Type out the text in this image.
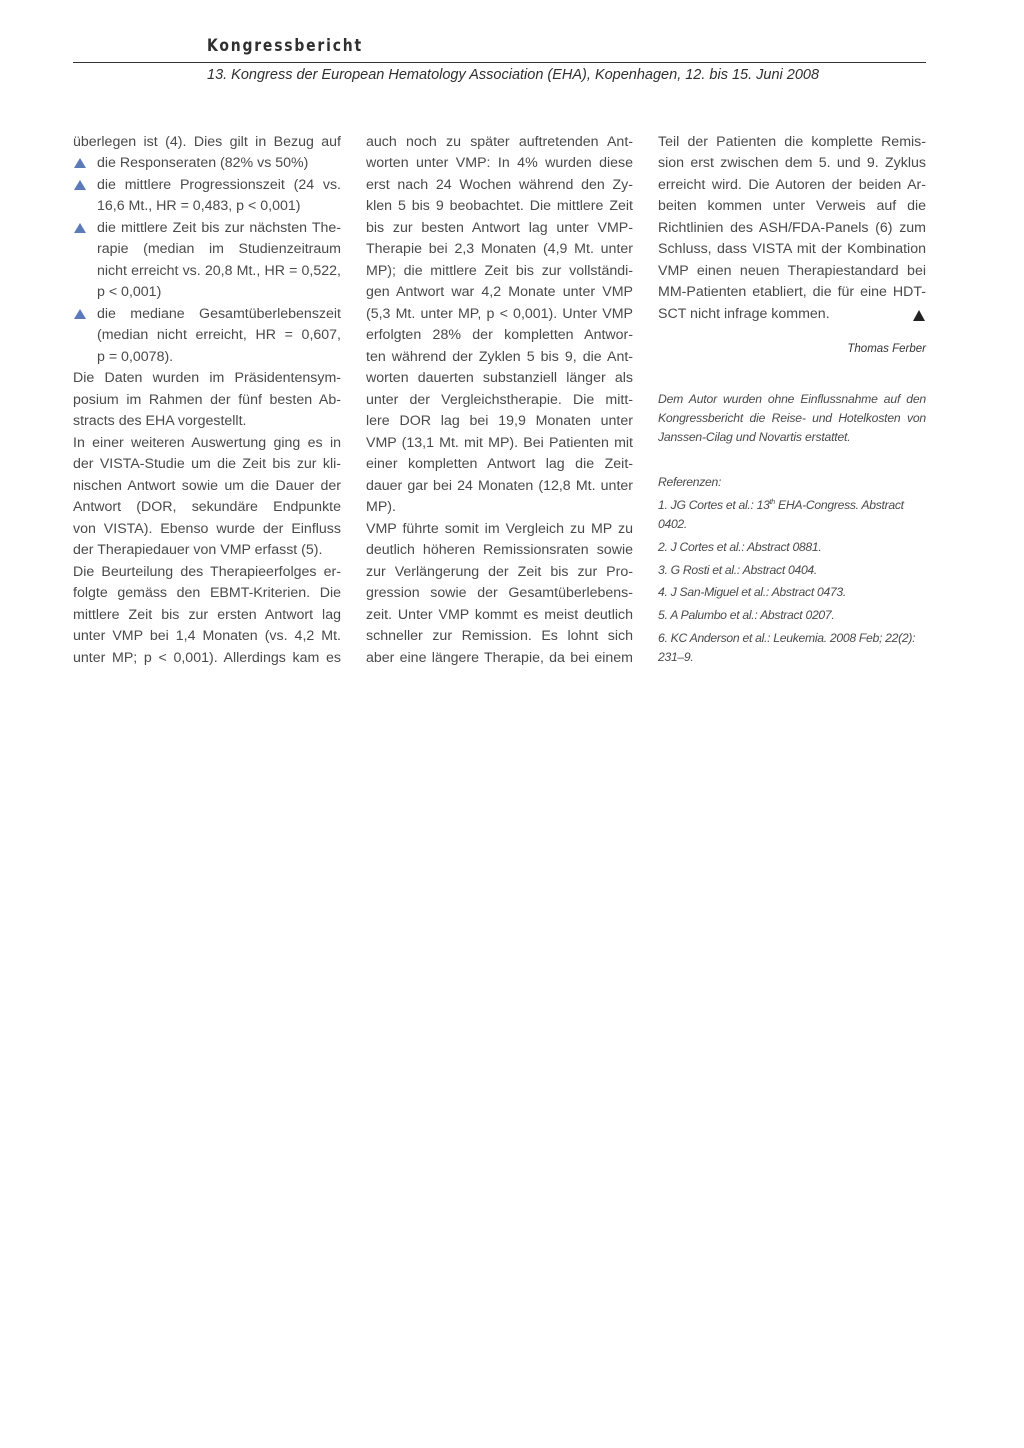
Kongressbericht
13. Kongress der European Hematology Association (EHA), Kopenhagen, 12. bis 15. Juni 2008
überlegen ist (4). Dies gilt in Bezug auf
die Responseraten (82% vs 50%)
die mittlere Progressionszeit (24 vs.
16,6 Mt., HR = 0,483, p < 0,001)
die mittlere Zeit bis zur nächsten The-
rapie (median im Studienzeitraum
nicht erreicht vs. 20,8 Mt., HR = 0,522,
p < 0,001)
die mediane Gesamtüberlebenszeit
(median nicht erreicht, HR = 0,607,
p = 0,0078).
Die Daten wurden im Präsidentensym-
posium im Rahmen der fünf besten Ab-
stracts des EHA vorgestellt.
In einer weiteren Auswertung ging es in
der VISTA-Studie um die Zeit bis zur kli-
nischen Antwort sowie um die Dauer der
Antwort (DOR, sekundäre Endpunkte
von VISTA). Ebenso wurde der Einfluss
der Therapiedauer von VMP erfasst (5).
Die Beurteilung des Therapieerfolges er-
folgte gemäss den EBMT-Kriterien. Die
mittlere Zeit bis zur ersten Antwort lag
unter VMP bei 1,4 Monaten (vs. 4,2 Mt.
unter MP; p < 0,001). Allerdings kam es
auch noch zu später auftretenden Ant-
worten unter VMP: In 4% wurden diese
erst nach 24 Wochen während den Zy-
klen 5 bis 9 beobachtet. Die mittlere Zeit
bis zur besten Antwort lag unter VMP-
Therapie bei 2,3 Monaten (4,9 Mt. unter
MP); die mittlere Zeit bis zur vollständi-
gen Antwort war 4,2 Monate unter VMP
(5,3 Mt. unter MP, p < 0,001). Unter VMP
erfolgten 28% der kompletten Antwor-
ten während der Zyklen 5 bis 9, die Ant-
worten dauerten substanziell länger als
unter der Vergleichstherapie. Die mitt-
lere DOR lag bei 19,9 Monaten unter
VMP (13,1 Mt. mit MP). Bei Patienten mit
einer kompletten Antwort lag die Zeit-
dauer gar bei 24 Monaten (12,8 Mt. unter
MP).
VMP führte somit im Vergleich zu MP zu
deutlich höheren Remissionsraten sowie
zur Verlängerung der Zeit bis zur Pro-
gression sowie der Gesamtüberlebens-
zeit. Unter VMP kommt es meist deutlich
schneller zur Remission. Es lohnt sich
aber eine längere Therapie, da bei einem
Teil der Patienten die komplette Remis-
sion erst zwischen dem 5. und 9. Zyklus
erreicht wird. Die Autoren der beiden Ar-
beiten kommen unter Verweis auf die
Richtlinien des ASH/FDA-Panels (6) zum
Schluss, dass VISTA mit der Kombination
VMP einen neuen Therapiestandard bei
MM-Patienten etabliert, die für eine HDT-
SCT nicht infrage kommen.
Thomas Ferber
Dem Autor wurden ohne Einflussnahme auf den
Kongressbericht die Reise- und Hotelkosten von
Janssen-Cilag und Novartis erstattet.
Referenzen:
1. JG Cortes et al.: 13th EHA-Congress. Abstract
0402.
2. J Cortes et al.: Abstract 0881.
3. G Rosti et al.: Abstract 0404.
4. J San-Miguel et al.: Abstract 0473.
5. A Palumbo et al.: Abstract 0207.
6. KC Anderson et al.: Leukemia. 2008 Feb; 22(2):
231–9.
